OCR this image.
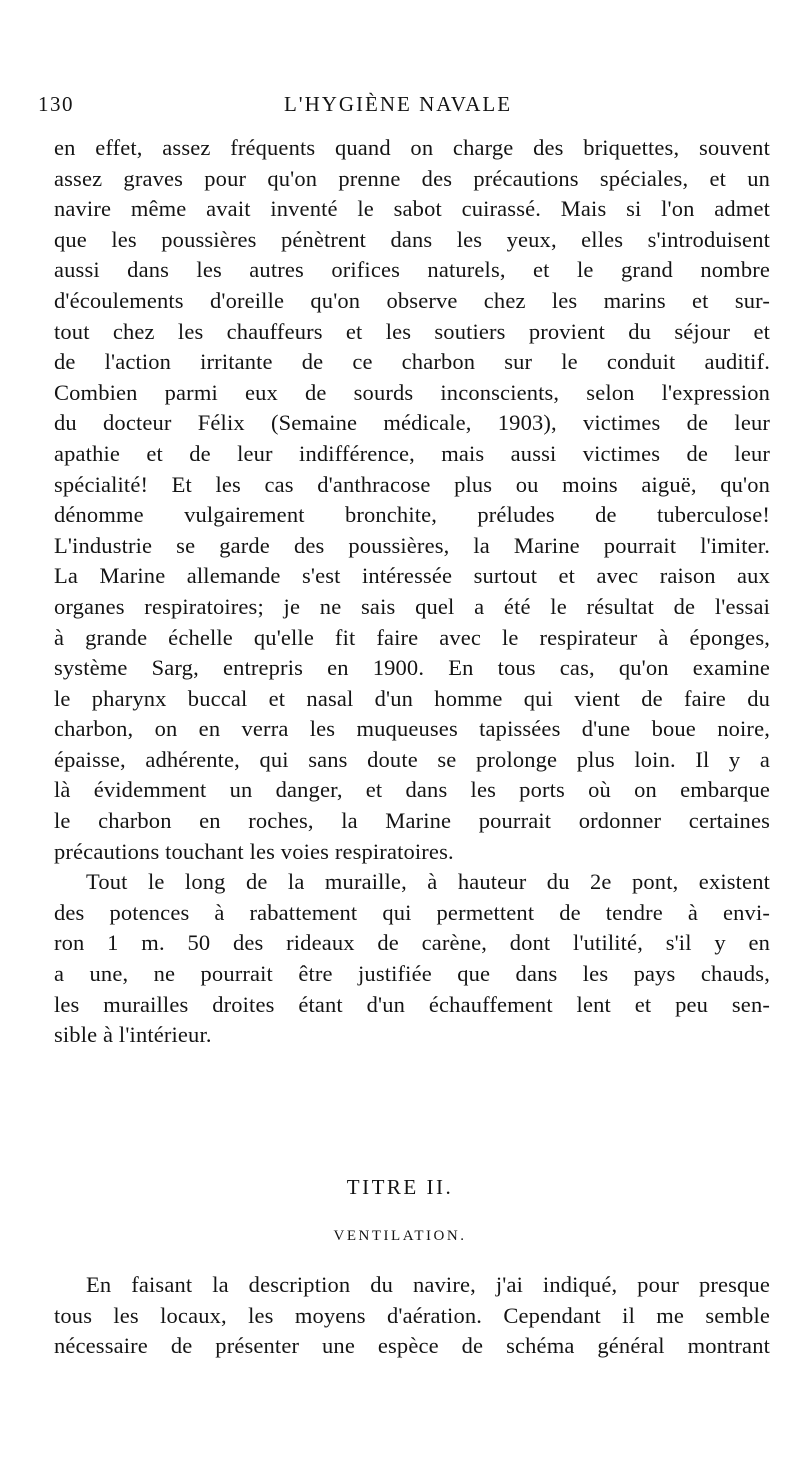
130	L'HYGIÈNE NAVALE
en effet, assez fréquents quand on charge des briquettes, souvent
assez graves pour qu'on prenne des précautions spéciales, et un
navire même avait inventé le sabot cuirassé. Mais si l'on admet
que les poussières pénètrent dans les yeux, elles s'introduisent
aussi dans les autres orifices naturels, et le grand nombre
d'écoulements d'oreille qu'on observe chez les marins et sur-
tout chez les chauffeurs et les soutiers provient du séjour et
de l'action irritante de ce charbon sur le conduit auditif.
Combien parmi eux de sourds inconscients, selon l'expression
du docteur Félix (Semaine médicale, 1903), victimes de leur
apathie et de leur indifférence, mais aussi victimes de leur
spécialité! Et les cas d'anthracose plus ou moins aiguë, qu'on
dénomme vulgairement bronchite, préludes de tuberculose!
L'industrie se garde des poussières, la Marine pourrait l'imiter.
La Marine allemande s'est intéressée surtout et avec raison aux
organes respiratoires; je ne sais quel a été le résultat de l'essai
à grande échelle qu'elle fit faire avec le respirateur à éponges,
système Sarg, entrepris en 1900. En tous cas, qu'on examine
le pharynx buccal et nasal d'un homme qui vient de faire du
charbon, on en verra les muqueuses tapissées d'une boue noire,
épaisse, adhérente, qui sans doute se prolonge plus loin. Il y a
là évidemment un danger, et dans les ports où on embarque
le charbon en roches, la Marine pourrait ordonner certaines
précautions touchant les voies respiratoires.
Tout le long de la muraille, à hauteur du 2e pont, existent
des potences à rabattement qui permettent de tendre à envi-
ron 1 m. 50 des rideaux de carène, dont l'utilité, s'il y en
a une, ne pourrait être justifiée que dans les pays chauds,
les murailles droites étant d'un échauffement lent et peu sen-
sible à l'intérieur.
TITRE II.
VENTILATION.
En faisant la description du navire, j'ai indiqué, pour presque
tous les locaux, les moyens d'aération. Cependant il me semble
nécessaire de présenter une espèce de schéma général montrant
